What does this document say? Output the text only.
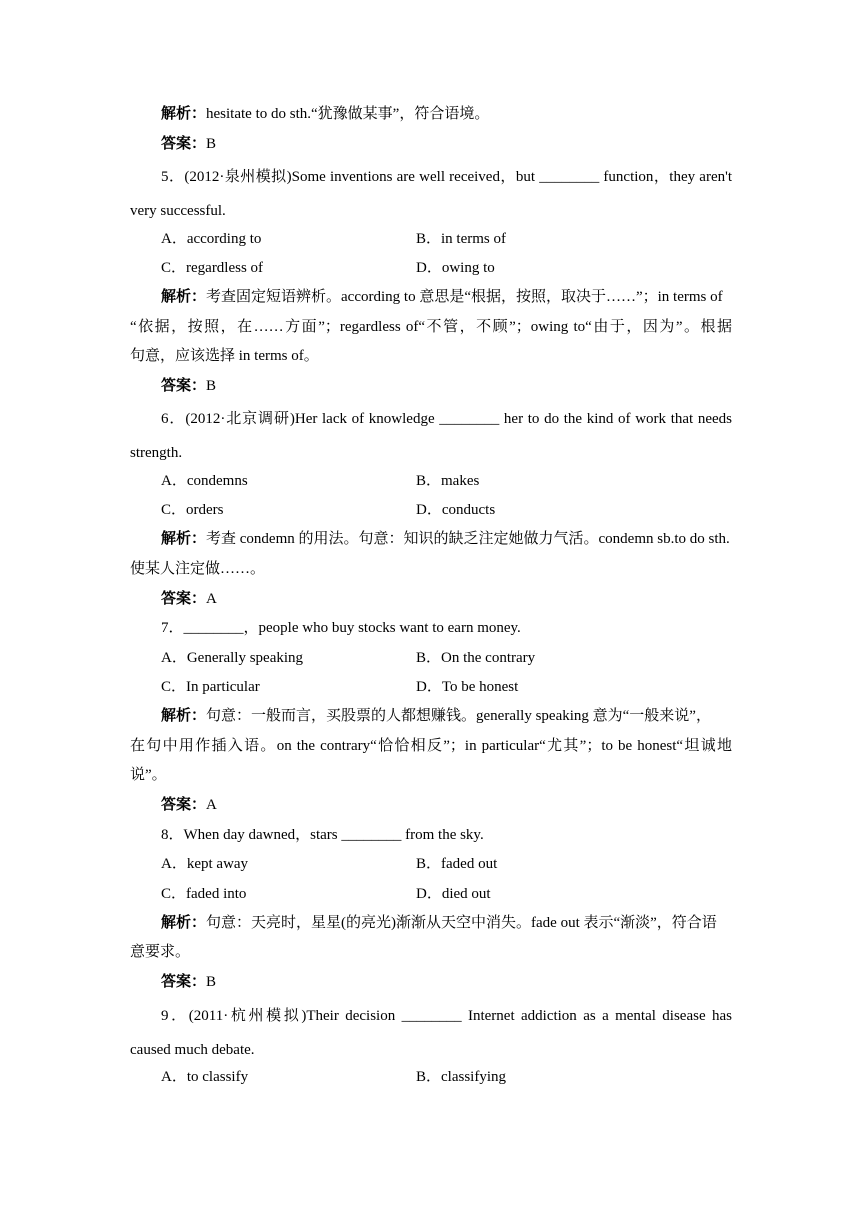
解析：hesitate to do sth.“犹豫做某事”，符合语境。
答案：B
5．(2012·泉州模拟)Some inventions are well received，but ________ function，they aren't
very successful.
A．according to	B．in terms of
C．regardless of	D．owing to
解析：考查固定短语辨析。according to 意思是“根据，按照，取决于……”；in terms of
“依据，按照，在……方面”；regardless of“不管，不顾”；owing to“由于，因为”。根据
句意，应该选择 in terms of。
答案：B
6．(2012·北京调研)Her lack of knowledge ________ her to do the kind of work that needs
strength.
A．condemns	B．makes
C．orders	D．conducts
解析：考查 condemn 的用法。句意：知识的缺乏注定她做力气活。condemn sb.to do sth.
使某人注定做……。
答案：A
7．________，people who buy stocks want to earn money.
A．Generally speaking	B．On the contrary
C．In particular	D．To be honest
解析：句意：一般而言，买股票的人都想赚钱。generally speaking 意为“一般来说”，
在句中用作插入语。on the contrary“恰恰相反”；in particular“尤其”；to be honest“坦诚地
说”。
答案：A
8．When day dawned，stars ________ from the sky.
A．kept away	B．faded out
C．faded into	D．died out
解析：句意：天亮时，星星(的亮光)渐渐从天空中消失。fade out 表示“渐淡”，符合语
意要求。
答案：B
9．(2011·杭州模拟)Their decision ________ Internet addiction as a mental disease has
caused much debate.
A．to classify	B．classifying
